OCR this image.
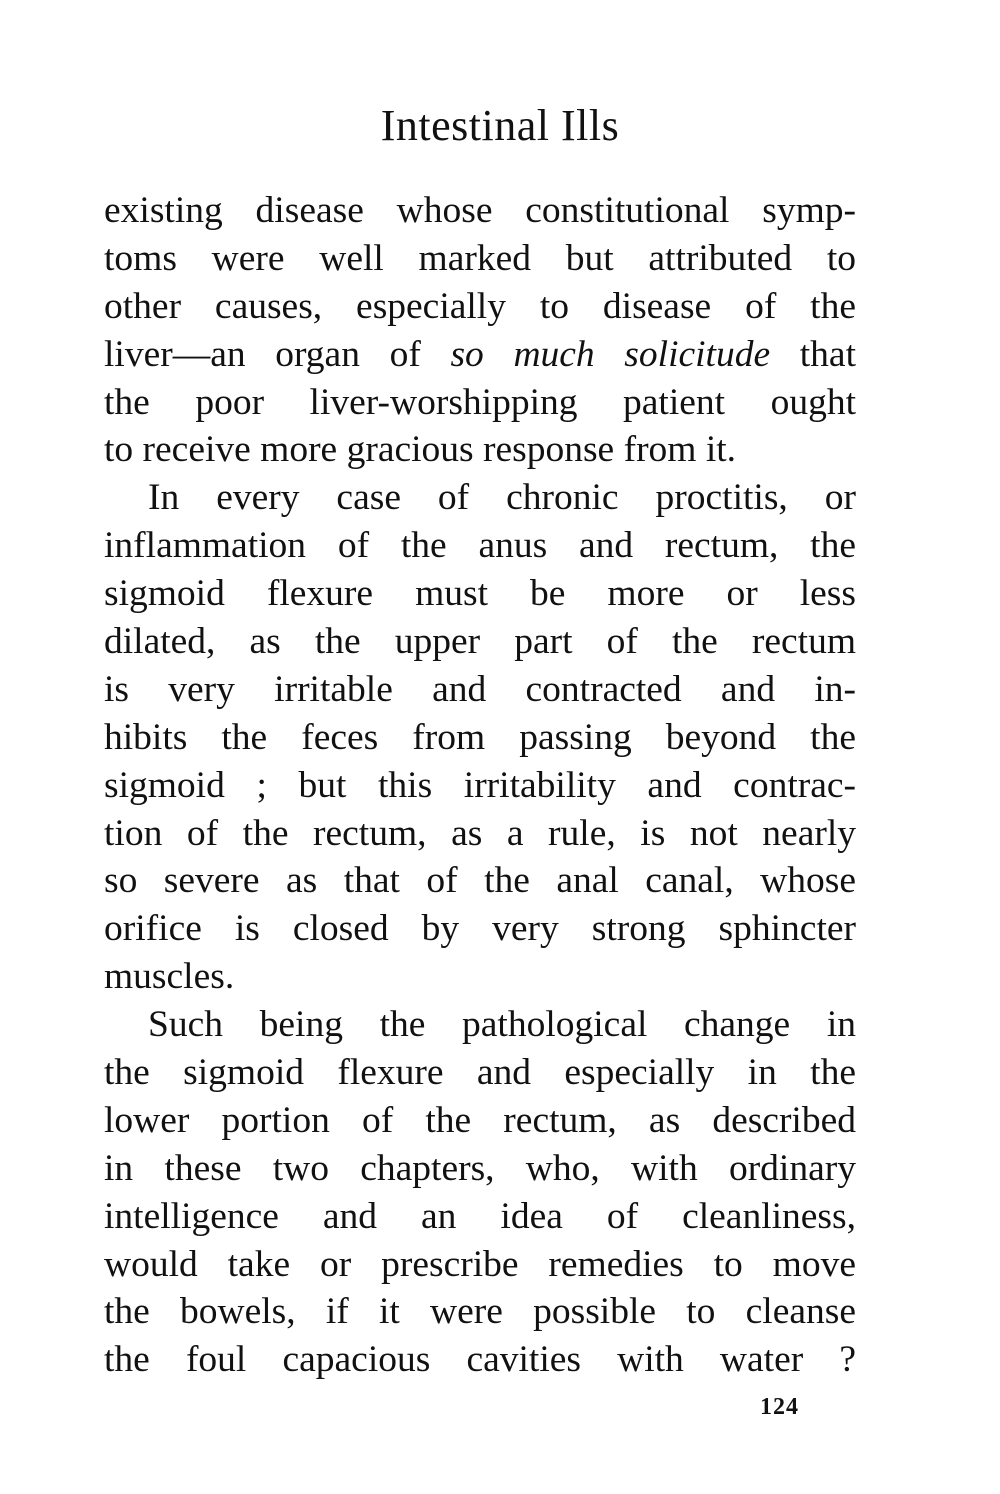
Intestinal Ills
existing disease whose constitutional symp-
toms were well marked but attributed to
other causes, especially to disease of the
liver—an organ of so much solicitude that
the poor liver-worshipping patient ought
to receive more gracious response from it.
In every case of chronic proctitis, or
inflammation of the anus and rectum, the
sigmoid flexure must be more or less
dilated, as the upper part of the rectum
is very irritable and contracted and in-
hibits the feces from passing beyond the
sigmoid ; but this irritability and contrac-
tion of the rectum, as a rule, is not nearly
so severe as that of the anal canal, whose
orifice is closed by very strong sphincter
muscles.
Such being the pathological change in
the sigmoid flexure and especially in the
lower portion of the rectum, as described
in these two chapters, who, with ordinary
intelligence and an idea of cleanliness,
would take or prescribe remedies to move
the bowels, if it were possible to cleanse
the foul capacious cavities with water ?
124
